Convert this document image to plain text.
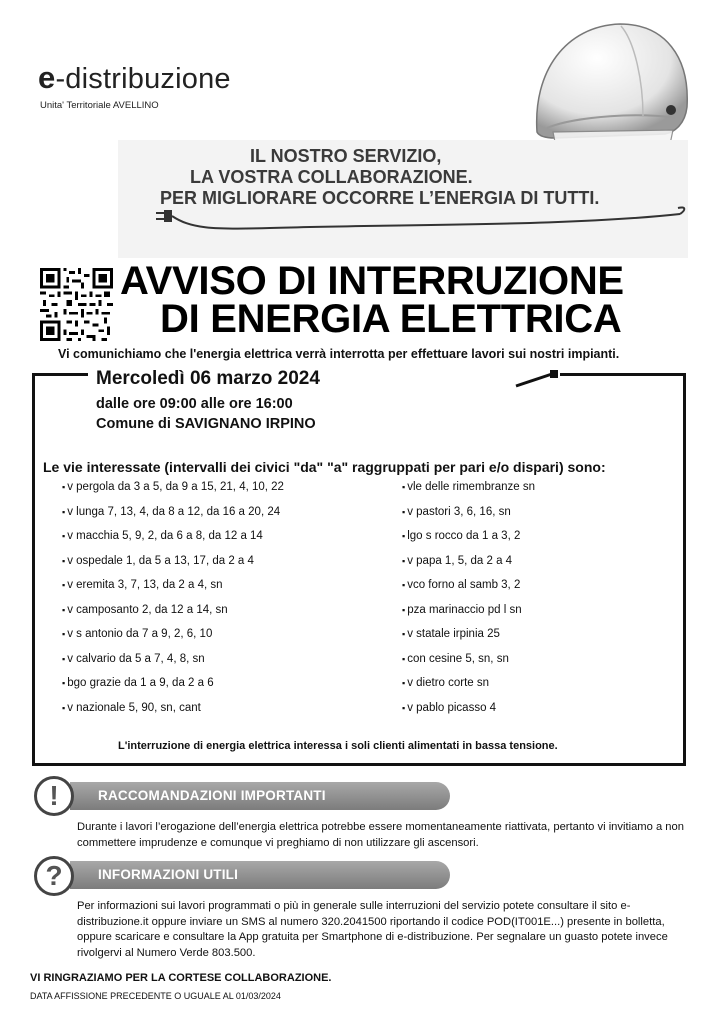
e-distribuzione
Unita' Territoriale AVELLINO
IL NOSTRO SERVIZIO,
LA VOSTRA COLLABORAZIONE.
PER MIGLIORARE OCCORRE L’ENERGIA DI TUTTI.
AVVISO DI INTERRUZIONE
DI ENERGIA ELETTRICA
Vi comunichiamo che l'energia elettrica verrà interrotta per effettuare lavori sui nostri impianti.
Mercoledì 06 marzo 2024
dalle ore 09:00 alle ore 16:00
Comune di SAVIGNANO IRPINO
Le vie interessate (intervalli dei civici "da" "a" raggruppati per pari e/o dispari) sono:
▪ v pergola da 3 a 5, da 9 a 15, 21, 4, 10, 22
▪ v lunga 7, 13, 4, da 8 a 12, da 16 a 20, 24
▪ v macchia 5, 9, 2, da 6 a 8, da 12 a 14
▪ v ospedale 1, da 5 a 13, 17, da 2 a 4
▪ v eremita 3, 7, 13, da 2 a 4, sn
▪ v camposanto 2, da 12 a 14, sn
▪ v s antonio da 7 a 9, 2, 6, 10
▪ v calvario da 5 a 7, 4, 8, sn
▪ bgo grazie da 1 a 9, da 2 a 6
▪ v nazionale 5, 90, sn, cant
▪ vle delle rimembranze sn
▪ v pastori 3, 6, 16, sn
▪ lgo s rocco da 1 a 3, 2
▪ v papa 1, 5, da 2 a 4
▪ vco forno al samb 3, 2
▪ pza marinaccio pd l sn
▪ v statale irpinia 25
▪ con cesine 5, sn, sn
▪ v dietro corte sn
▪ v pablo picasso 4
L'interruzione di energia elettrica interessa i soli clienti alimentati in bassa tensione.
!	RACCOMANDAZIONI IMPORTANTI
Durante i lavori l’erogazione dell’energia elettrica potrebbe essere momentaneamente riattivata, pertanto vi invitiamo a non commettere imprudenze e comunque vi preghiamo di non utilizzare gli ascensori.
?	INFORMAZIONI UTILI
Per informazioni sui lavori programmati o più in generale sulle interruzioni del servizio potete consultare il sito e-distribuzione.it oppure inviare un SMS al numero 320.2041500 riportando il codice POD(IT001E...) presente in bolletta, oppure scaricare e consultare la App gratuita per Smartphone di e-distribuzione. Per segnalare un guasto potete invece rivolgervi al Numero Verde 803.500.
VI RINGRAZIAMO PER LA CORTESE COLLABORAZIONE.
DATA AFFISSIONE PRECEDENTE O UGUALE AL 01/03/2024
